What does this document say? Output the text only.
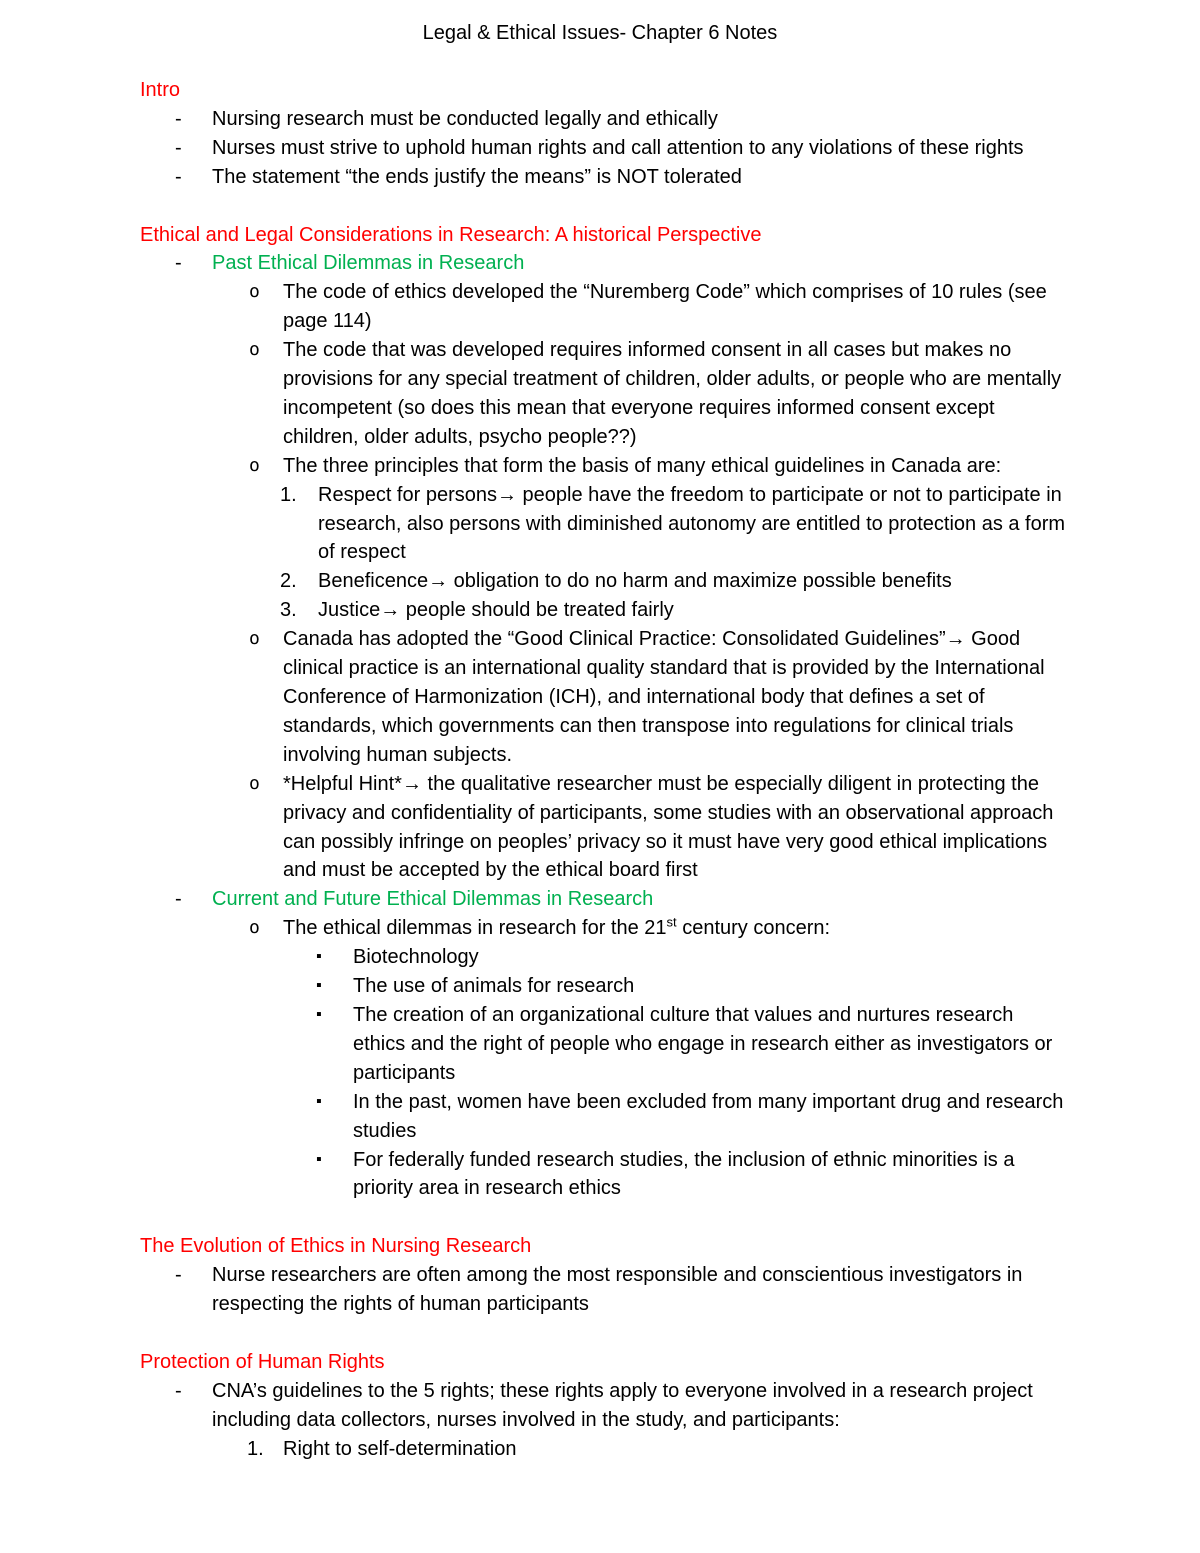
Legal & Ethical Issues- Chapter 6 Notes
Intro
- Nursing research must be conducted legally and ethically
- Nurses must strive to uphold human rights and call attention to any violations of these rights
- The statement “the ends justify the means” is NOT tolerated
Ethical and Legal Considerations in Research: A historical Perspective
- Past Ethical Dilemmas in Research
o The code of ethics developed the “Nuremberg Code” which comprises of 10 rules (see page 114)
o The code that was developed requires informed consent in all cases but makes no provisions for any special treatment of children, older adults, or people who are mentally incompetent (so does this mean that everyone requires informed consent except children, older adults, psycho people??)
o The three principles that form the basis of many ethical guidelines in Canada are:
1. Respect for persons→ people have the freedom to participate or not to participate in research, also persons with diminished autonomy are entitled to protection as a form of respect
2. Beneficence→ obligation to do no harm and maximize possible benefits
3. Justice→ people should be treated fairly
o Canada has adopted the “Good Clinical Practice: Consolidated Guidelines”→ Good clinical practice is an international quality standard that is provided by the International Conference of Harmonization (ICH), and international body that defines a set of standards, which governments can then transpose into regulations for clinical trials involving human subjects.
o *Helpful Hint*→ the qualitative researcher must be especially diligent in protecting the privacy and confidentiality of participants, some studies with an observational approach can possibly infringe on peoples’ privacy so it must have very good ethical implications and must be accepted by the ethical board first
- Current and Future Ethical Dilemmas in Research
o The ethical dilemmas in research for the 21st century concern:
▪ Biotechnology
▪ The use of animals for research
▪ The creation of an organizational culture that values and nurtures research ethics and the right of people who engage in research either as investigators or participants
▪ In the past, women have been excluded from many important drug and research studies
▪ For federally funded research studies, the inclusion of ethnic minorities is a priority area in research ethics
The Evolution of Ethics in Nursing Research
- Nurse researchers are often among the most responsible and conscientious investigators in respecting the rights of human participants
Protection of Human Rights
- CNA’s guidelines to the 5 rights; these rights apply to everyone involved in a research project including data collectors, nurses involved in the study, and participants:
1. Right to self-determination
